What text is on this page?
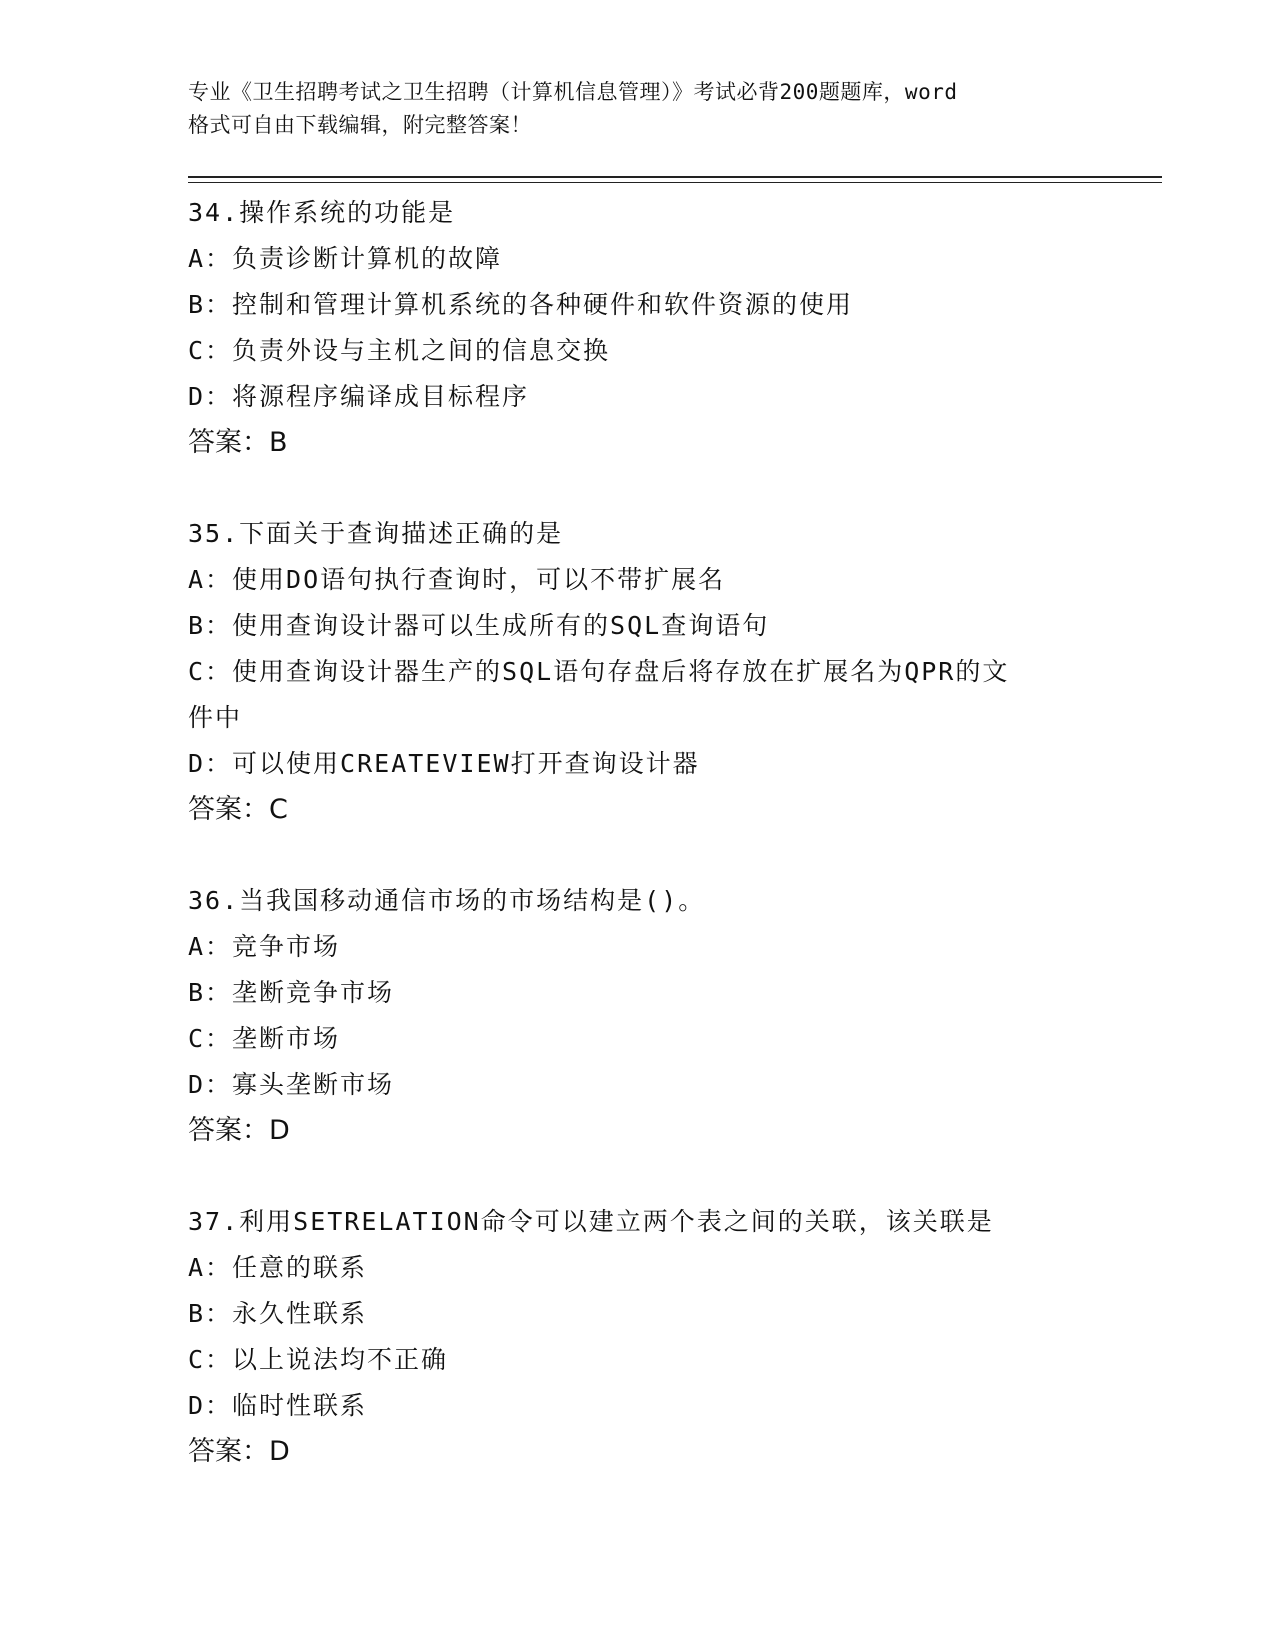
专业《卫生招聘考试之卫生招聘（计算机信息管理）》考试必背200题题库，word
格式可自由下载编辑，附完整答案！
34.操作系统的功能是
A：负责诊断计算机的故障
B：控制和管理计算机系统的各种硬件和软件资源的使用
C：负责外设与主机之间的信息交换
D：将源程序编译成目标程序
答案：B
35.下面关于查询描述正确的是
A：使用DO语句执行查询时，可以不带扩展名
B：使用查询设计器可以生成所有的SQL查询语句
C：使用查询设计器生产的SQL语句存盘后将存放在扩展名为QPR的文
件中
D：可以使用CREATEVIEW打开查询设计器
答案：C
36.当我国移动通信市场的市场结构是()。
A：竞争市场
B：垄断竞争市场
C：垄断市场
D：寡头垄断市场
答案：D
37.利用SETRELATION命令可以建立两个表之间的关联，该关联是
A：任意的联系
B：永久性联系
C：以上说法均不正确
D：临时性联系
答案：D
